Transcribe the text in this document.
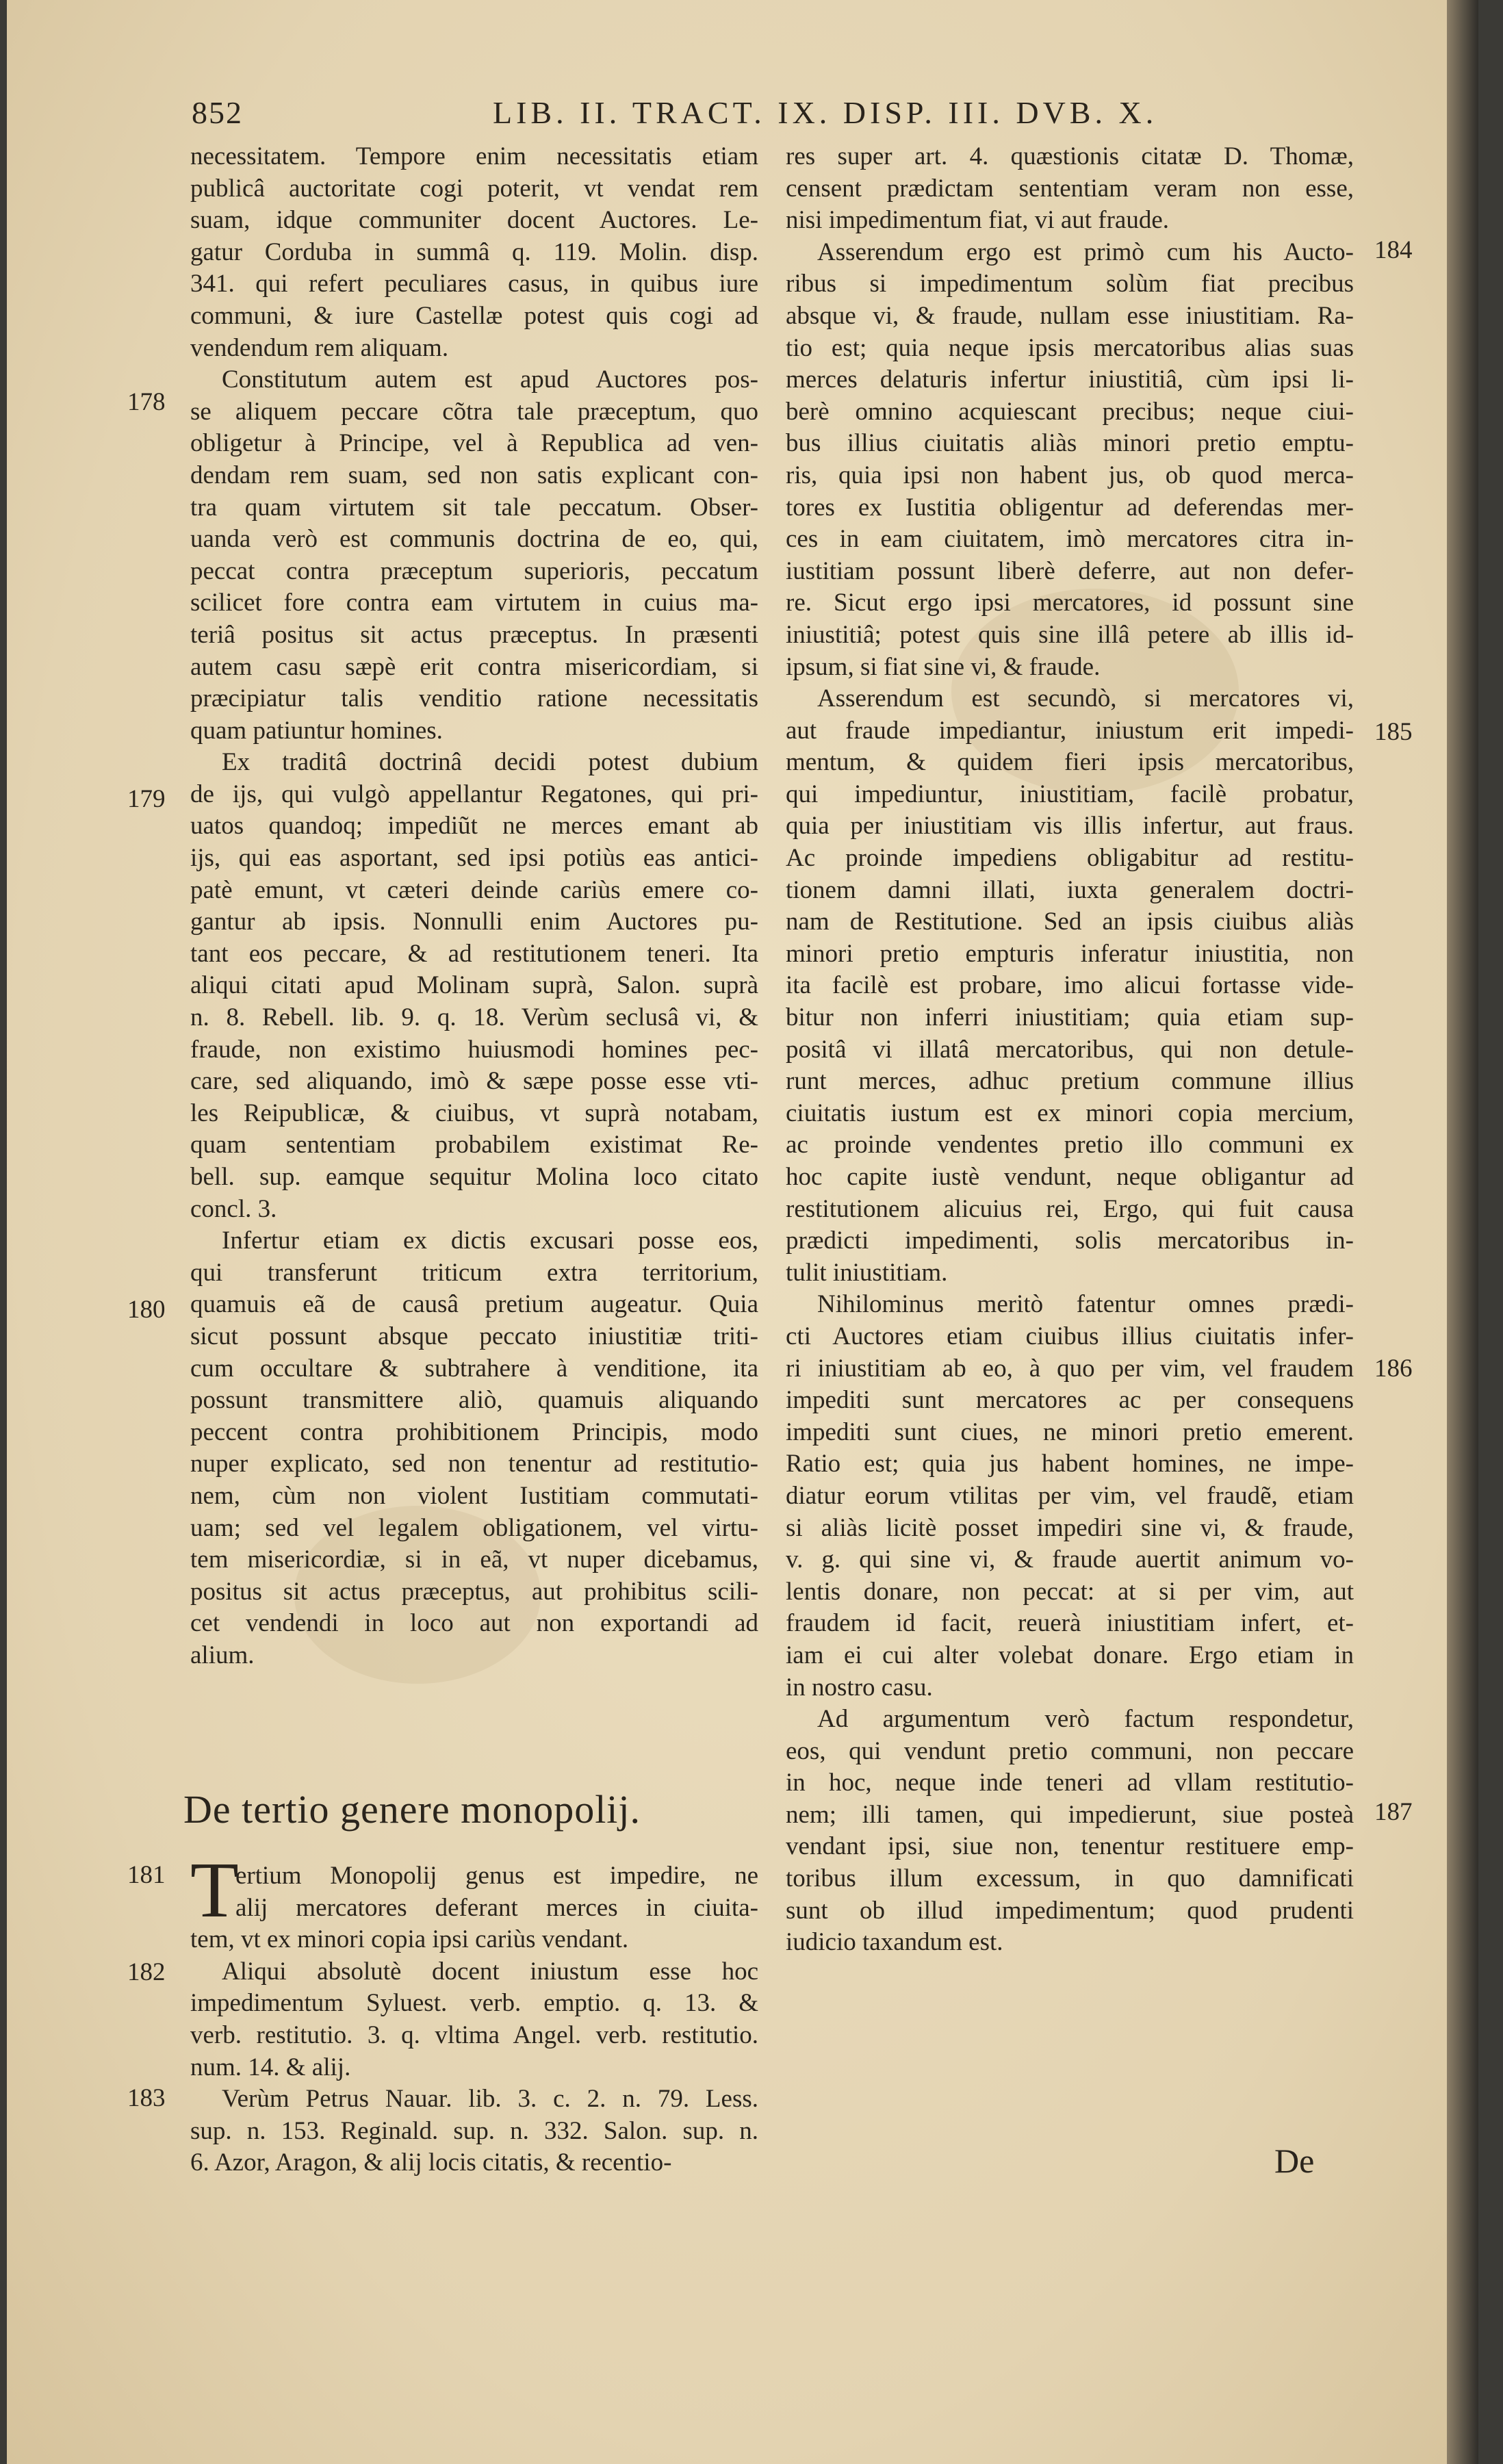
852	LIB. II. TRACT. IX. DISP. III. DVB. X.
178
179
180
181
182
183
184
185
186
187
necessitatem. Tempore enim necessitatis etiam
publicâ auctoritate cogi poterit, vt vendat rem
suam, idque communiter docent Auctores. Le-
gatur Corduba in summâ q. 119. Molin. disp.
341. qui refert peculiares casus, in quibus iure
communi, & iure Castellæ potest quis cogi ad
vendendum rem aliquam.
Constitutum autem est apud Auctores pos-
se aliquem peccare cõtra tale præceptum, quo
obligetur à Principe, vel à Republica ad ven-
dendam rem suam, sed non satis explicant con-
tra quam virtutem sit tale peccatum. Obser-
uanda verò est communis doctrina de eo, qui,
peccat contra præceptum superioris, peccatum
scilicet fore contra eam virtutem in cuius ma-
teriâ positus sit actus præceptus. In præsenti
autem casu sæpè erit contra misericordiam, si
præcipiatur talis venditio ratione necessitatis
quam patiuntur homines.
Ex traditâ doctrinâ decidi potest dubium
de ijs, qui vulgò appellantur Regatones, qui pri-
uatos quandoq; impediũt ne merces emant ab
ijs, qui eas asportant, sed ipsi potiùs eas antici-
patè emunt, vt cæteri deinde cariùs emere co-
gantur ab ipsis. Nonnulli enim Auctores pu-
tant eos peccare, & ad restitutionem teneri. Ita
aliqui citati apud Molinam suprà, Salon. suprà
n. 8. Rebell. lib. 9. q. 18. Verùm seclusâ vi, &
fraude, non existimo huiusmodi homines pec-
care, sed aliquando, imò & sæpe posse esse vti-
les Reipublicæ, & ciuibus, vt suprà notabam,
quam sententiam probabilem existimat Re-
bell. sup. eamque sequitur Molina loco citato
concl. 3.
Infertur etiam ex dictis excusari posse eos,
qui transferunt triticum extra territorium,
quamuis eã de causâ pretium augeatur. Quia
sicut possunt absque peccato iniustitiæ triti-
cum occultare & subtrahere à venditione, ita
possunt transmittere aliò, quamuis aliquando
peccent contra prohibitionem Principis, modo
nuper explicato, sed non tenentur ad restitutio-
nem, cùm non violent Iustitiam commutati-
uam; sed vel legalem obligationem, vel virtu-
tem misericordiæ, si in eã, vt nuper dicebamus,
positus sit actus præceptus, aut prohibitus scili-
cet vendendi in loco aut non exportandi ad
alium.
De tertio genere monopolij.
T
ertium Monopolij genus est impedire, ne
alij mercatores deferant merces in ciuita-
tem, vt ex minori copia ipsi cariùs vendant.
Aliqui absolutè docent iniustum esse hoc
impedimentum Syluest. verb. emptio. q. 13. &
verb. restitutio. 3. q. vltima Angel. verb. restitutio.
num. 14. & alij.
Verùm Petrus Nauar. lib. 3. c. 2. n. 79. Less.
sup. n. 153. Reginald. sup. n. 332. Salon. sup. n.
6. Azor, Aragon, & alij locis citatis, & recentio-
res super art. 4. quæstionis citatæ D. Thomæ,
censent prædictam sententiam veram non esse,
nisi impedimentum fiat, vi aut fraude.
Asserendum ergo est primò cum his Aucto-
ribus si impedimentum solùm fiat precibus
absque vi, & fraude, nullam esse iniustitiam. Ra-
tio est; quia neque ipsis mercatoribus alias suas
merces delaturis infertur iniustitiâ, cùm ipsi li-
berè omnino acquiescant precibus; neque ciui-
bus illius ciuitatis aliàs minori pretio emptu-
ris, quia ipsi non habent jus, ob quod merca-
tores ex Iustitia obligentur ad deferendas mer-
ces in eam ciuitatem, imò mercatores citra in-
iustitiam possunt liberè deferre, aut non defer-
re. Sicut ergo ipsi mercatores, id possunt sine
iniustitiâ; potest quis sine illâ petere ab illis id-
ipsum, si fiat sine vi, & fraude.
Asserendum est secundò, si mercatores vi,
aut fraude impediantur, iniustum erit impedi-
mentum, & quidem fieri ipsis mercatoribus,
qui impediuntur, iniustitiam, facilè probatur,
quia per iniustitiam vis illis infertur, aut fraus.
Ac proinde impediens obligabitur ad restitu-
tionem damni illati, iuxta generalem doctri-
nam de Restitutione. Sed an ipsis ciuibus aliàs
minori pretio empturis inferatur iniustitia, non
ita facilè est probare, imo alicui fortasse vide-
bitur non inferri iniustitiam; quia etiam sup-
positâ vi illatâ mercatoribus, qui non detule-
runt merces, adhuc pretium commune illius
ciuitatis iustum est ex minori copia mercium,
ac proinde vendentes pretio illo communi ex
hoc capite iustè vendunt, neque obligantur ad
restitutionem alicuius rei, Ergo, qui fuit causa
prædicti impedimenti, solis mercatoribus in-
tulit iniustitiam.
Nihilominus meritò fatentur omnes prædi-
cti Auctores etiam ciuibus illius ciuitatis infer-
ri iniustitiam ab eo, à quo per vim, vel fraudem
impediti sunt mercatores ac per consequens
impediti sunt ciues, ne minori pretio emerent.
Ratio est; quia jus habent homines, ne impe-
diatur eorum vtilitas per vim, vel fraudẽ, etiam
si aliàs licitè posset impediri sine vi, & fraude,
v. g. qui sine vi, & fraude auertit animum vo-
lentis donare, non peccat: at si per vim, aut
fraudem id facit, reuerà iniustitiam infert, et-
iam ei cui alter volebat donare. Ergo etiam in
in nostro casu.
Ad argumentum verò factum respondetur,
eos, qui vendunt pretio communi, non peccare
in hoc, neque inde teneri ad vllam restitutio-
nem; illi tamen, qui impedierunt, siue posteà
vendant ipsi, siue non, tenentur restituere emp-
toribus illum excessum, in quo damnificati
sunt ob illud impedimentum; quod prudenti
iudicio taxandum est.
De
